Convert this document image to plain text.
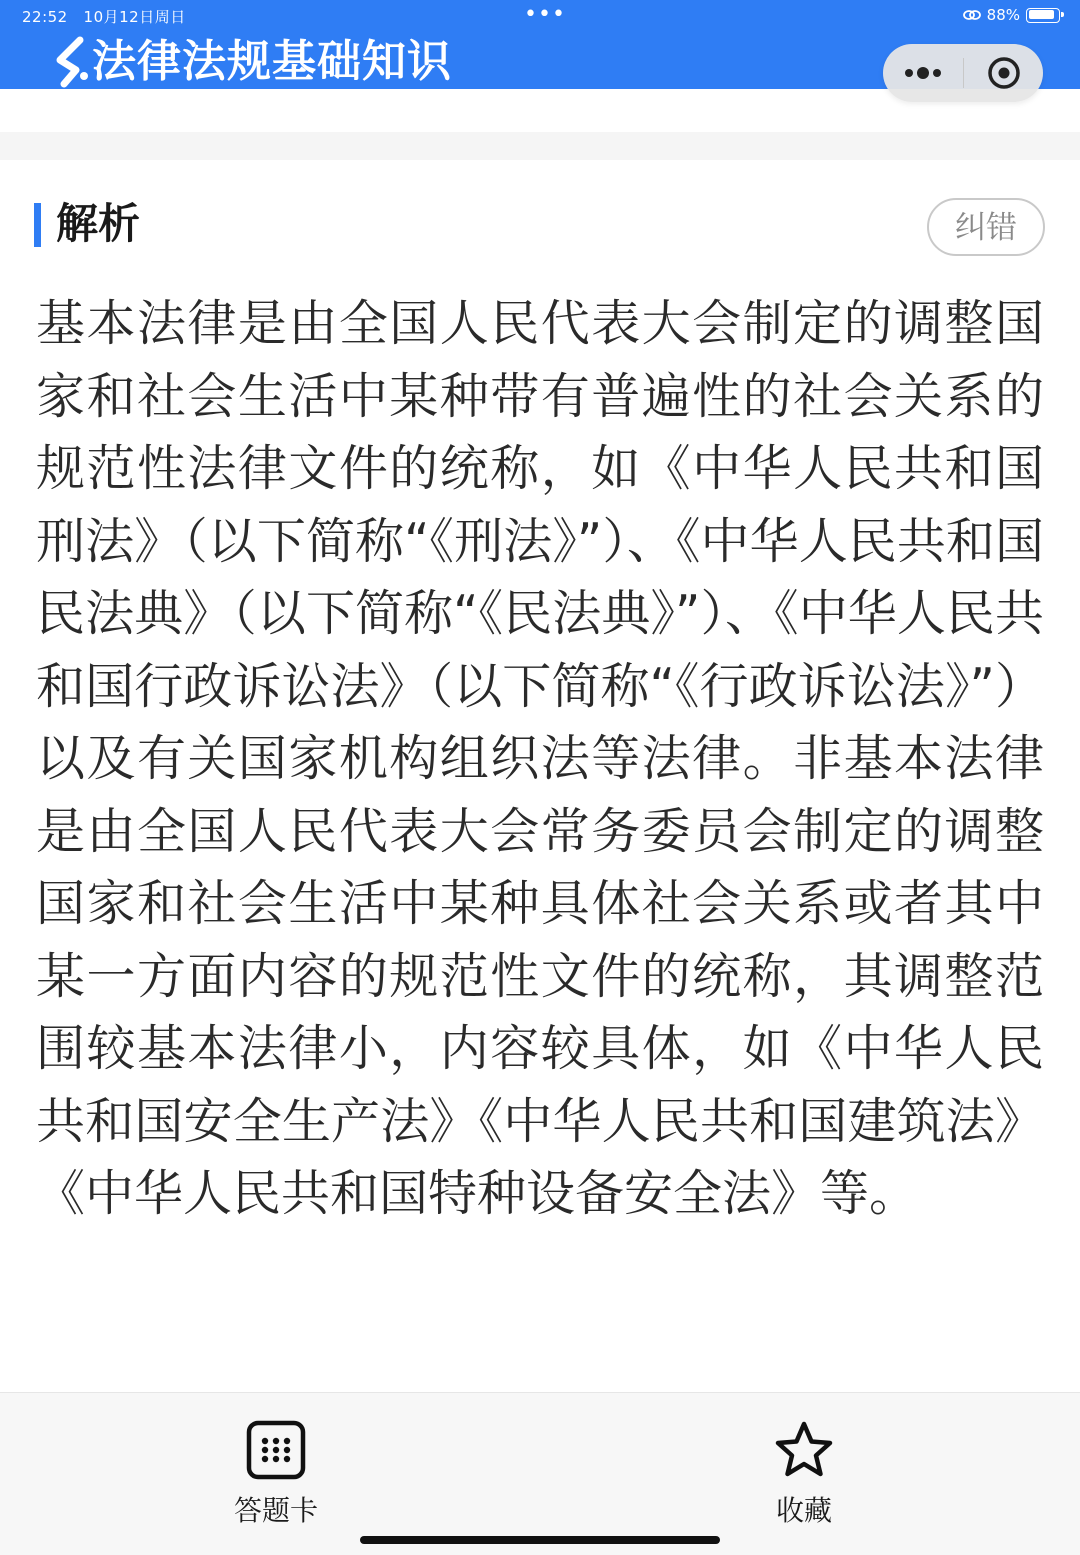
22:52 10月12日周日	•••	88%
法律法规基础知识
解析	纠错

基本法律是由全国人民代表大会制定的调整国家和社会生活中某种带有普遍性的社会关系的规范性法律文件的统称，如《中华人民共和国刑法》（以下简称“《刑法》”）、《中华人民共和国民法典》（以下简称“《民法典》”）、《中华人民共和国行政诉讼法》（以下简称“《行政诉讼法》”）以及有关国家机构组织法等法律。非基本法律是由全国人民代表大会常务委员会制定的调整国家和社会生活中某种具体社会关系或者其中某一方面内容的规范性文件的统称，其调整范围较基本法律小，内容较具体，如《中华人民共和国安全生产法》《中华人民共和国建筑法》《中华人民共和国特种设备安全法》等。

答题卡	收藏
